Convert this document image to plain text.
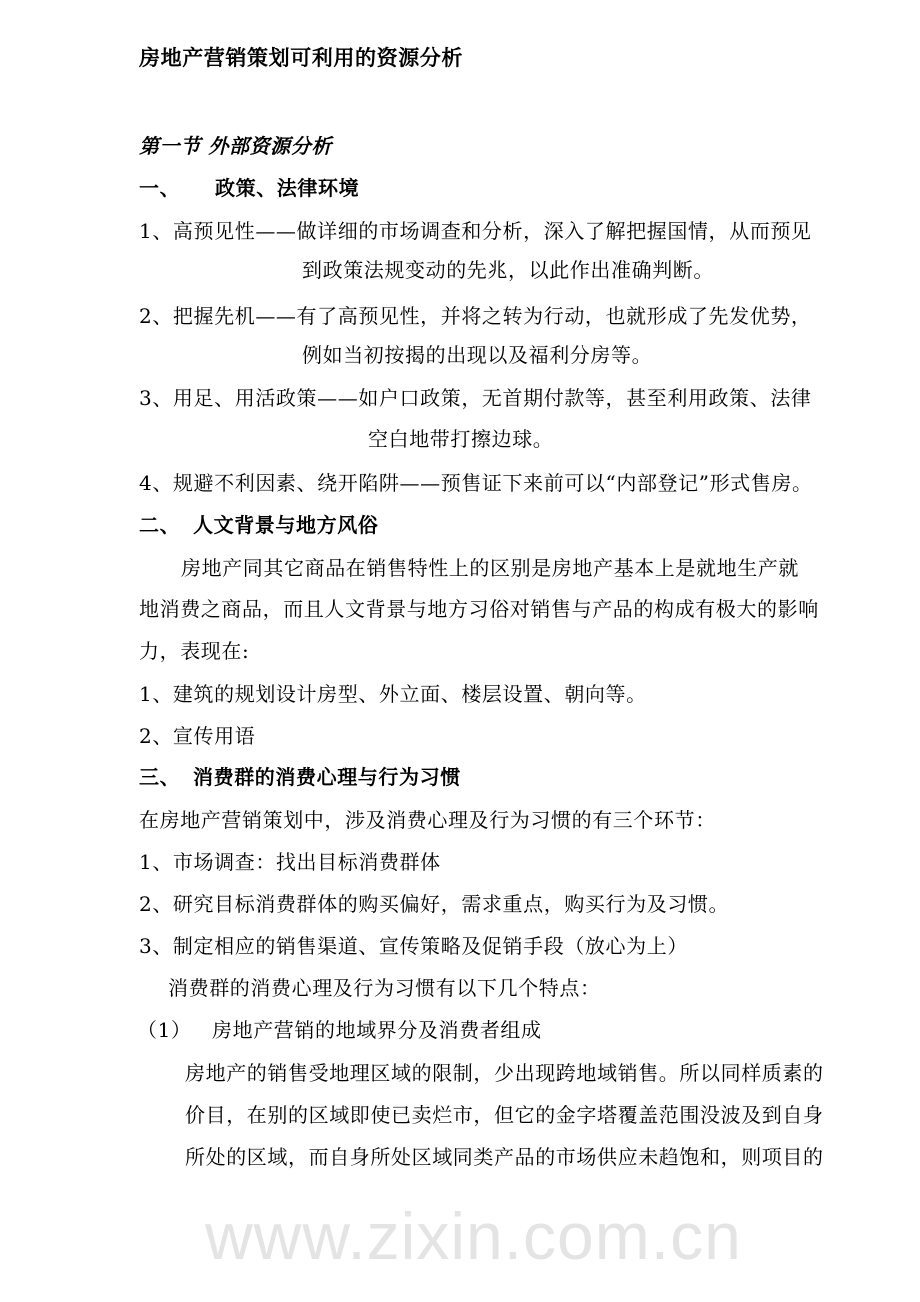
www.zixin.com.cn
房地产营销策划可利用的资源分析
第一节 外部资源分析
一、 政策、法律环境
1、高预见性——做详细的市场调查和分析，深入了解把握国情，从而预见
到政策法规变动的先兆，以此作出准确判断。
2、把握先机——有了高预见性，并将之转为行动，也就形成了先发优势，
例如当初按揭的出现以及福利分房等。
3、用足、用活政策——如户口政策，无首期付款等，甚至利用政策、法律
空白地带打擦边球。
4、规避不利因素、绕开陷阱——预售证下来前可以“内部登记”形式售房。
二、 人文背景与地方风俗
房地产同其它商品在销售特性上的区别是房地产基本上是就地生产就
地消费之商品，而且人文背景与地方习俗对销售与产品的构成有极大的影响
力，表现在:
1、建筑的规划设计房型、外立面、楼层设置、朝向等。
2、宣传用语
三、 消费群的消费心理与行为习惯
在房地产营销策划中，涉及消费心理及行为习惯的有三个环节：
1、市场调查：找出目标消费群体
2、研究目标消费群体的购买偏好，需求重点，购买行为及习惯。
3、制定相应的销售渠道、宣传策略及促销手段（放心为上）
消费群的消费心理及行为习惯有以下几个特点：
（1） 房地产营销的地域界分及消费者组成
房地产的销售受地理区域的限制，少出现跨地域销售。所以同样质素的
价目，在别的区域即使已卖烂市，但它的金字塔覆盖范围没波及到自身
所处的区域，而自身所处区域同类产品的市场供应未趋饱和，则项目的
